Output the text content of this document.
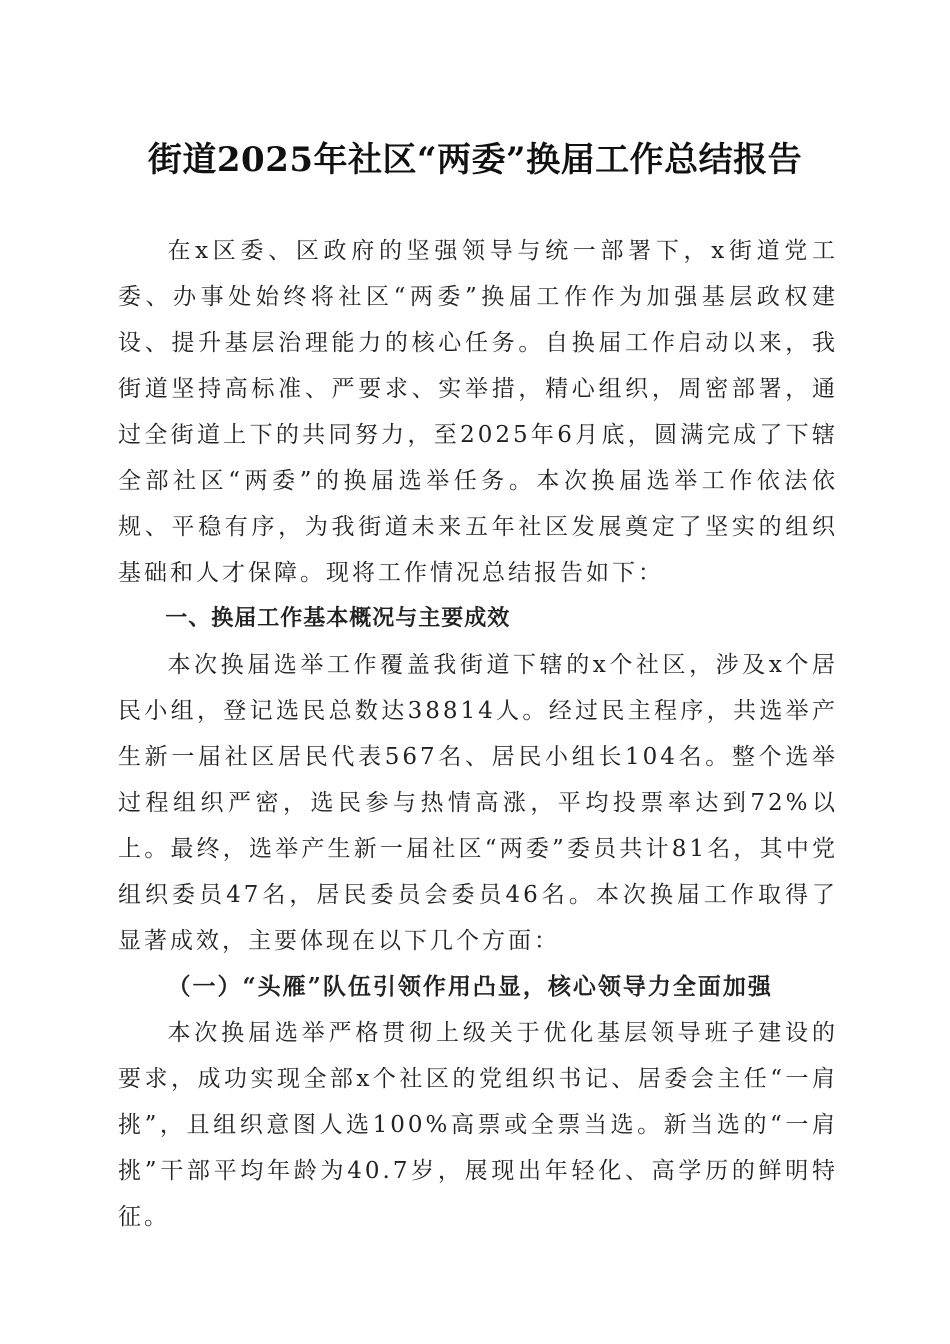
街道2025年社区“两委”换届工作总结报告

在x区委、区政府的坚强领导与统一部署下，x街道党工委、办事处始终将社区“两委”换届工作作为加强基层政权建设、提升基层治理能力的核心任务。自换届工作启动以来，我街道坚持高标准、严要求、实举措，精心组织，周密部署，通过全街道上下的共同努力，至2025年6月底，圆满完成了下辖全部社区“两委”的换届选举任务。本次换届选举工作依法依规、平稳有序，为我街道未来五年社区发展奠定了坚实的组织基础和人才保障。现将工作情况总结报告如下：

一、换届工作基本概况与主要成效

本次换届选举工作覆盖我街道下辖的x个社区，涉及x个居民小组，登记选民总数达38814人。经过民主程序，共选举产生新一届社区居民代表567名、居民小组长104名。整个选举过程组织严密，选民参与热情高涨，平均投票率达到72%以上。最终，选举产生新一届社区“两委”委员共计81名，其中党组织委员47名，居民委员会委员46名。本次换届工作取得了显著成效，主要体现在以下几个方面：

（一）“头雁”队伍引领作用凸显，核心领导力全面加强

本次换届选举严格贯彻上级关于优化基层领导班子建设的要求，成功实现全部x个社区的党组织书记、居委会主任“一肩挑”，且组织意图人选100%高票或全票当选。新当选的“一肩挑”干部平均年龄为40.7岁，展现出年轻化、高学历的鲜明特征。
